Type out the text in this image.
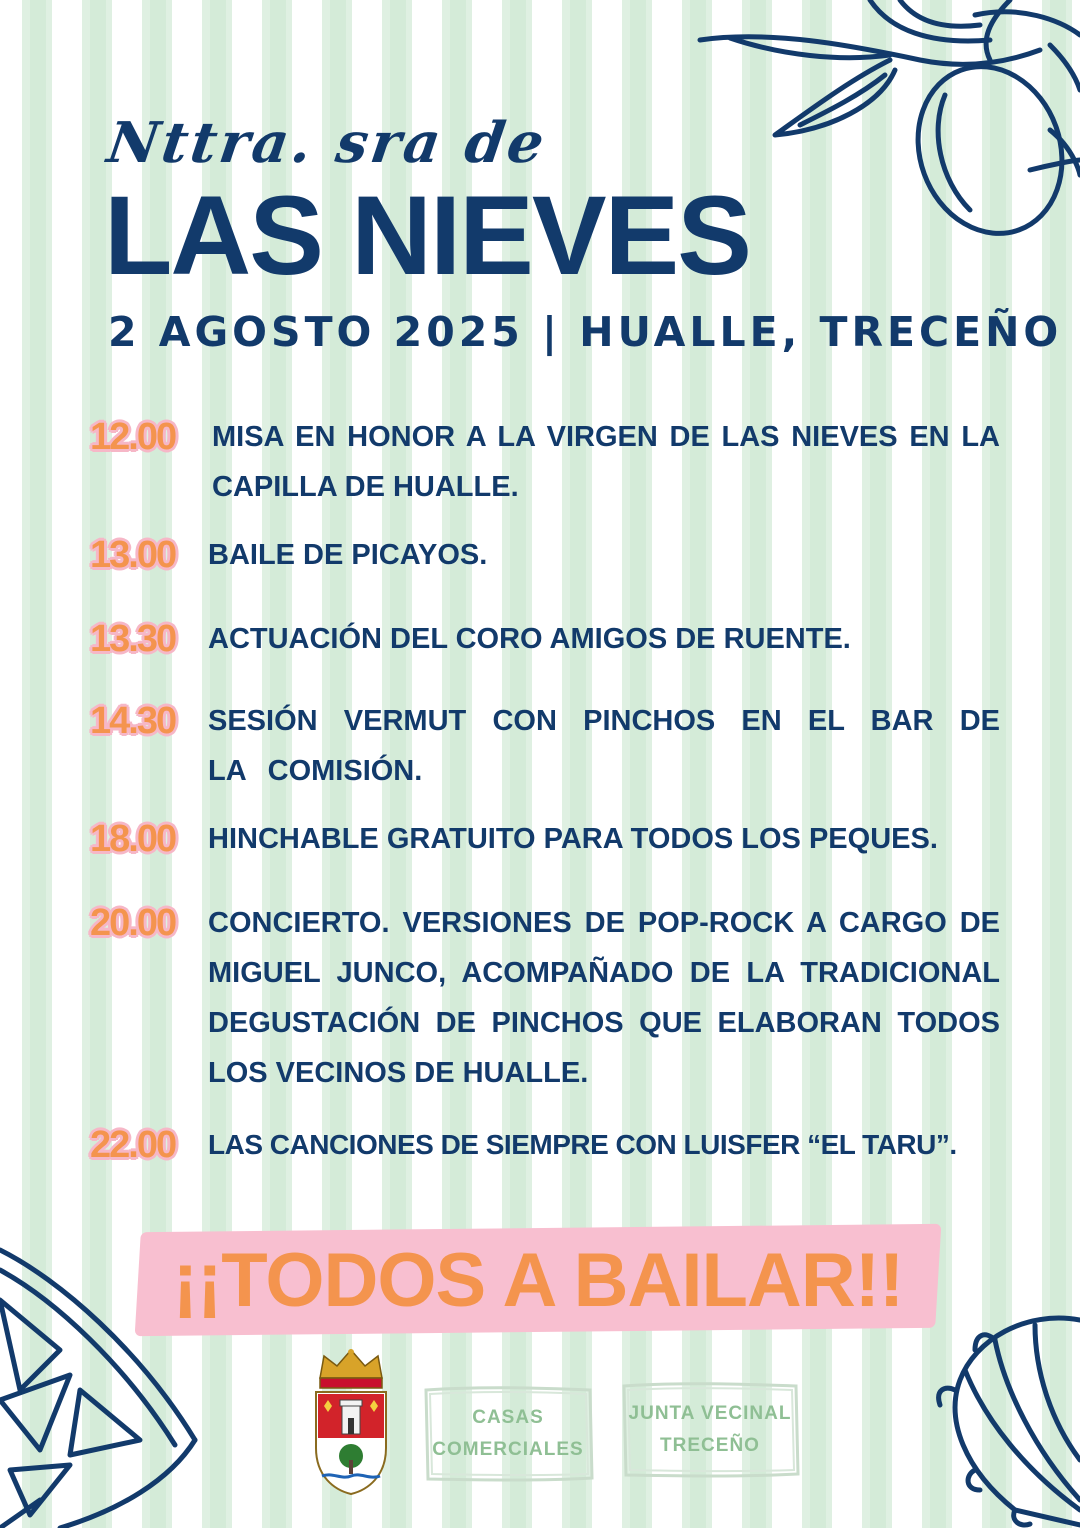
Nttra. sra de
LAS NIEVES
2 AGOSTO 2025 | HUALLE, TRECEÑO
12.00	MISA EN HONOR A LA VIRGEN DE LAS NIEVES EN LA CAPILLA DE HUALLE.
13.00	BAILE DE PICAYOS.
13.30	ACTUACIÓN DEL CORO AMIGOS DE RUENTE.
14.30	SESIÓN VERMUT CON PINCHOS EN EL BAR DE LA COMISIÓN.
18.00	HINCHABLE GRATUITO PARA TODOS LOS PEQUES.
20.00	CONCIERTO. VERSIONES DE POP-ROCK A CARGO DE MIGUEL JUNCO, ACOMPAÑADO DE LA TRADICIONAL DEGUSTACIÓN DE PINCHOS QUE ELABORAN TODOS LOS VECINOS DE HUALLE.
22.00	LAS CANCIONES DE SIEMPRE CON LUISFER “EL TARU”.
¡¡TODOS A BAILAR!!
CASAS
COMERCIALES
JUNTA VECINAL
TRECEÑO
